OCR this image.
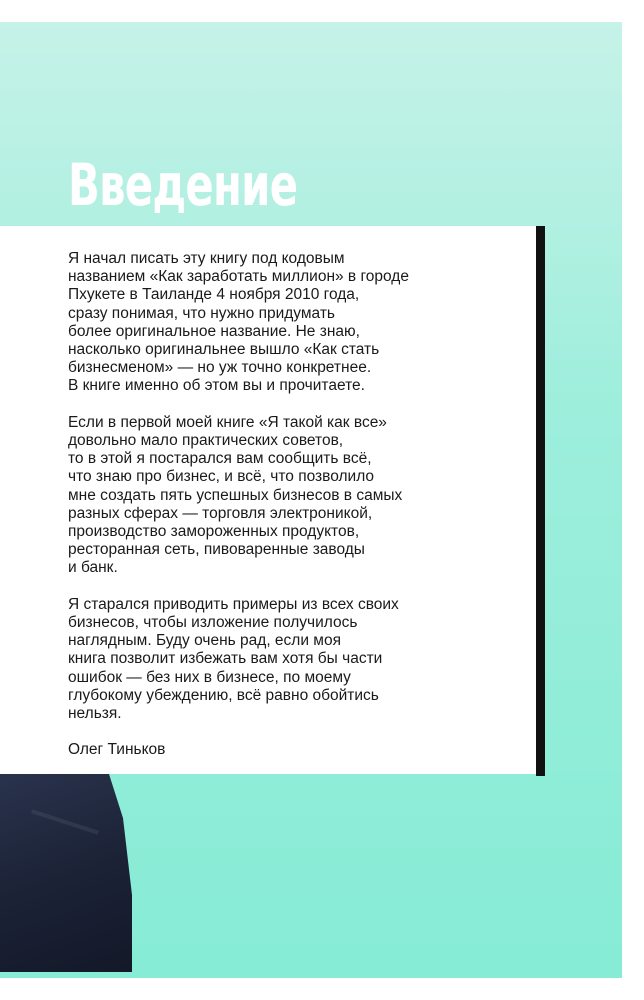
Введение

Я начал писать эту книгу под кодовым
названием «Как заработать миллион» в городе
Пхукете в Таиланде 4 ноября 2010 года,
сразу понимая, что нужно придумать
более оригинальное название. Не знаю,
насколько оригинальнее вышло «Как стать
бизнесменом» — но уж точно конкретнее.
В книге именно об этом вы и прочитаете.

Если в первой моей книге «Я такой как все»
довольно мало практических советов,
то в этой я постарался вам сообщить всё,
что знаю про бизнес, и всё, что позволило
мне создать пять успешных бизнесов в самых
разных сферах — торговля электроникой,
производство замороженных продуктов,
ресторанная сеть, пивоваренные заводы
и банк.

Я старался приводить примеры из всех своих
бизнесов, чтобы изложение получилось
наглядным. Буду очень рад, если моя
книга позволит избежать вам хотя бы части
ошибок — без них в бизнесе, по моему
глубокому убеждению, всё равно обойтись
нельзя.

Олег Тиньков
